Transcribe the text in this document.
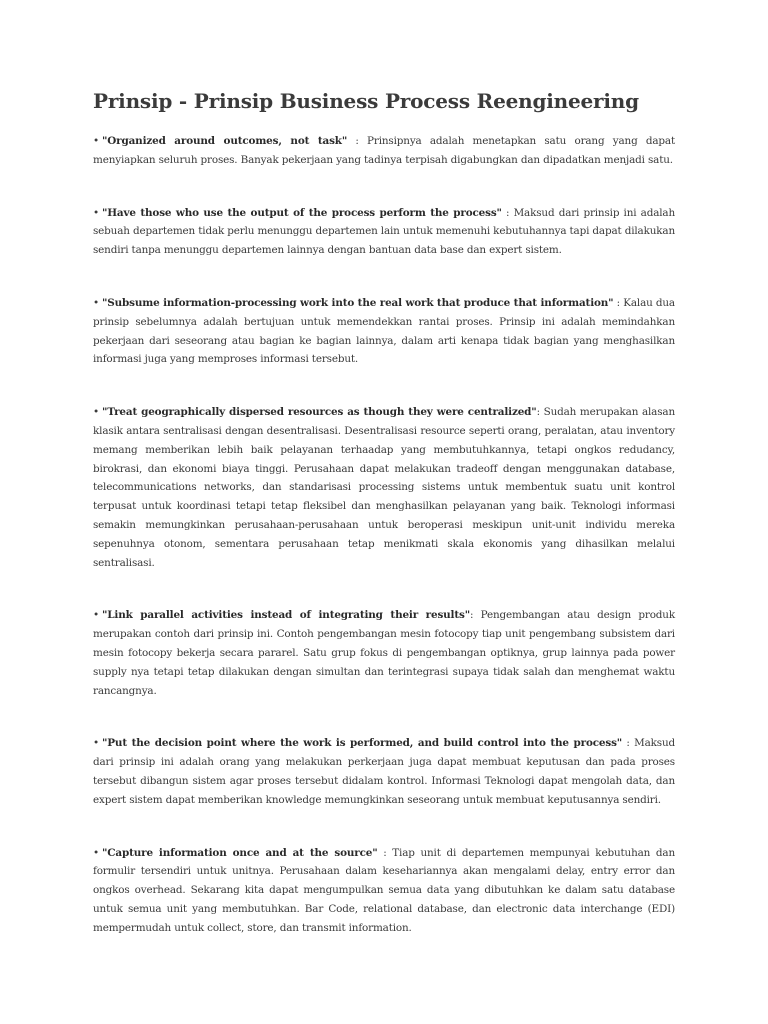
Prinsip - Prinsip Business Process Reengineering

• "Organized around outcomes, not task" : Prinsipnya adalah menetapkan satu orang yang dapat menyiapkan seluruh proses. Banyak pekerjaan yang tadinya terpisah digabungkan dan dipadatkan menjadi satu.

• "Have those who use the output of the process perform the process" : Maksud dari prinsip ini adalah sebuah departemen tidak perlu menunggu departemen lain untuk memenuhi kebutuhannya tapi dapat dilakukan sendiri tanpa menunggu departemen lainnya dengan bantuan data base dan expert sistem.

• "Subsume information-processing work into the real work that produce that information" : Kalau dua prinsip sebelumnya adalah bertujuan untuk memendekkan rantai proses. Prinsip ini adalah memindahkan pekerjaan dari seseorang atau bagian ke bagian lainnya, dalam arti kenapa tidak bagian yang menghasilkan informasi juga yang memproses informasi tersebut.

• "Treat geographically dispersed resources as though they were centralized": Sudah merupakan alasan klasik antara sentralisasi dengan desentralisasi. Desentralisasi resource seperti orang, peralatan, atau inventory memang memberikan lebih baik pelayanan terhaadap yang membutuhkannya, tetapi ongkos redudancy, birokrasi, dan ekonomi biaya tinggi. Perusahaan dapat melakukan tradeoff dengan menggunakan database, telecommunications networks, dan standarisasi processing sistems untuk membentuk suatu unit kontrol terpusat untuk koordinasi tetapi tetap fleksibel dan menghasilkan pelayanan yang baik. Teknologi informasi semakin memungkinkan perusahaan-perusahaan untuk beroperasi meskipun unit-unit individu mereka sepenuhnya otonom, sementara perusahaan tetap menikmati skala ekonomis yang dihasilkan melalui sentralisasi.

• "Link parallel activities instead of integrating their results": Pengembangan atau design produk merupakan contoh dari prinsip ini. Contoh pengembangan mesin fotocopy tiap unit pengembang subsistem dari mesin fotocopy bekerja secara pararel. Satu grup fokus di pengembangan optiknya, grup lainnya pada power supply nya tetapi tetap dilakukan dengan simultan dan terintegrasi supaya tidak salah dan menghemat waktu rancangnya.

• "Put the decision point where the work is performed, and build control into the process" : Maksud dari prinsip ini adalah orang yang melakukan perkerjaan juga dapat membuat keputusan dan pada proses tersebut dibangun sistem agar proses tersebut didalam kontrol. Informasi Teknologi dapat mengolah data, dan expert sistem dapat memberikan knowledge memungkinkan seseorang untuk membuat keputusannya sendiri.

• "Capture information once and at the source" : Tiap unit di departemen mempunyai kebutuhan dan formulir tersendiri untuk unitnya. Perusahaan dalam kesehariannya akan mengalami delay, entry error dan ongkos overhead. Sekarang kita dapat mengumpulkan semua data yang dibutuhkan ke dalam satu database untuk semua unit yang membutuhkan. Bar Code, relational database, dan electronic data interchange (EDI) mempermudah untuk collect, store, dan transmit information.
